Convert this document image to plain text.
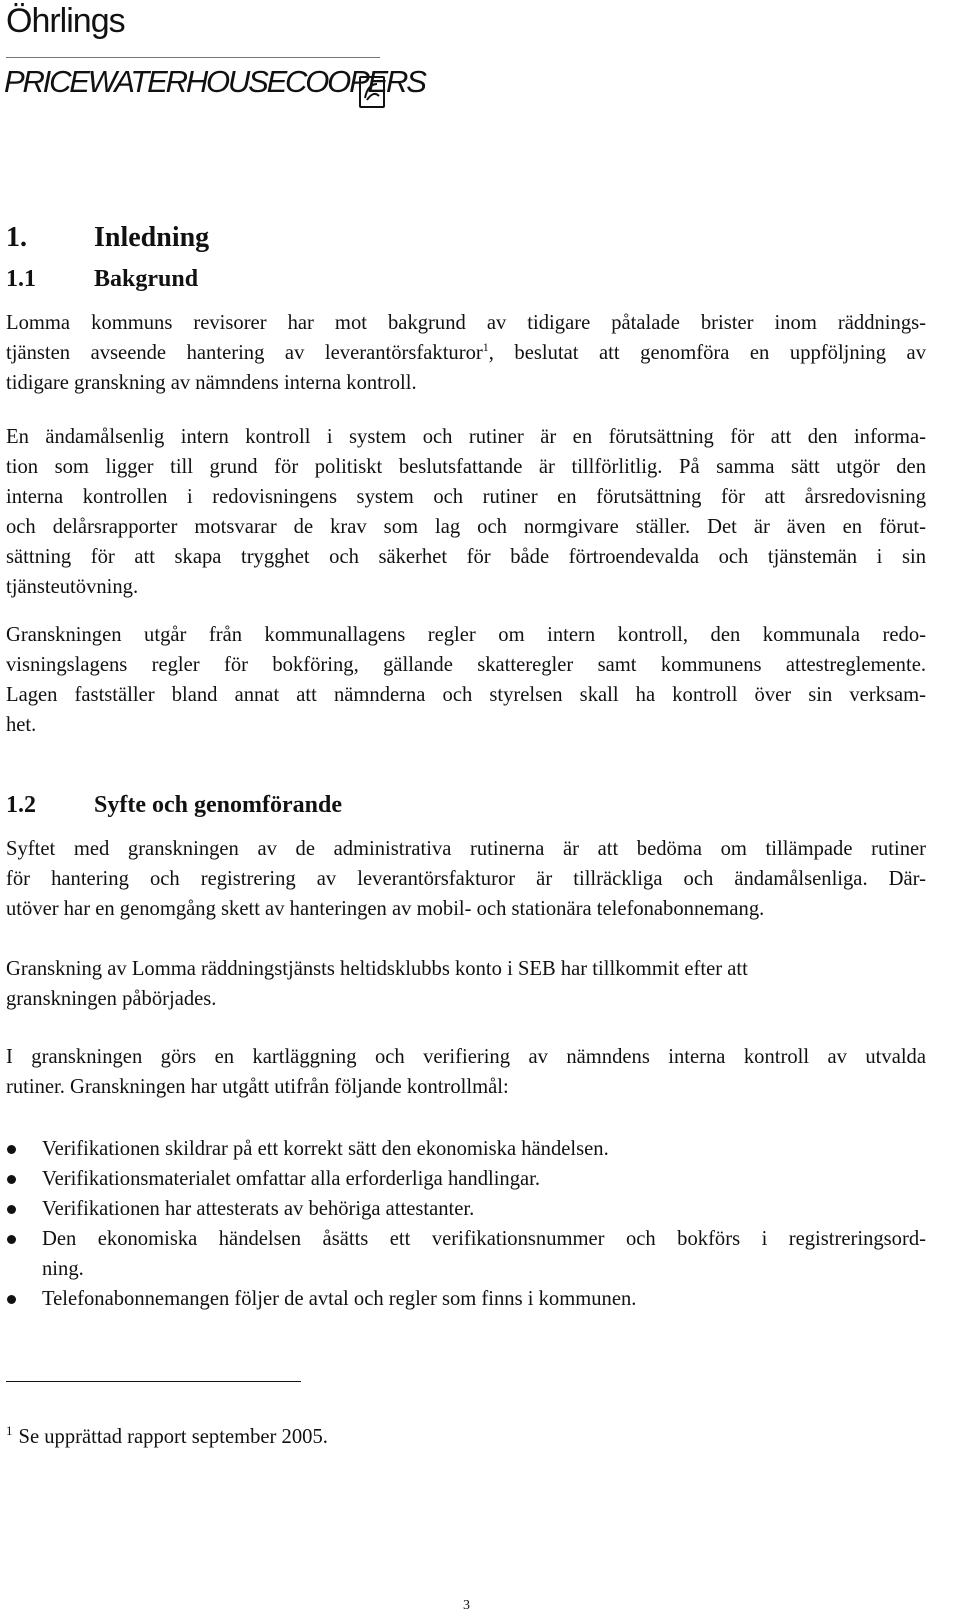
Öhrlings
PRICEWATERHOUSECOOPERS
1. Inledning
1.1 Bakgrund
Lomma kommuns revisorer har mot bakgrund av tidigare påtalade brister inom räddnings-
tjänsten avseende hantering av leverantörsfakturor$^1$, beslutat att genomföra en uppföljning av
tidigare granskning av nämndens interna kontroll.
En ändamålsenlig intern kontroll i system och rutiner är en förutsättning för att den informa-
tion som ligger till grund för politiskt beslutsfattande är tillförlitlig. På samma sätt utgör den
interna kontrollen i redovisningens system och rutiner en förutsättning för att årsredovisning
och delårsrapporter motsvarar de krav som lag och normgivare ställer. Det är även en förut-
sättning för att skapa trygghet och säkerhet för både förtroendevalda och tjänstemän i sin
tjänsteutövning.
Granskningen utgår från kommunallagens regler om intern kontroll, den kommunala redo-
visningslagens regler för bokföring, gällande skatteregler samt kommunens attestreglemente.
Lagen fastställer bland annat att nämnderna och styrelsen skall ha kontroll över sin verksam-
het.
1.2 Syfte och genomförande
Syftet med granskningen av de administrativa rutinerna är att bedöma om tillämpade rutiner
för hantering och registrering av leverantörsfakturor är tillräckliga och ändamålsenliga. Där-
utöver har en genomgång skett av hanteringen av mobil- och stationära telefonabonnemang.
Granskning av Lomma räddningstjänsts heltidsklubbs konto i SEB har tillkommit efter att
granskningen påbörjades.
I granskningen görs en kartläggning och verifiering av nämndens interna kontroll av utvalda
rutiner. Granskningen har utgått utifrån följande kontrollmål:
Verifikationen skildrar på ett korrekt sätt den ekonomiska händelsen.
Verifikationsmaterialet omfattar alla erforderliga handlingar.
Verifikationen har attesterats av behöriga attestanter.
Den ekonomiska händelsen åsätts ett verifikationsnummer och bokförs i registreringsord-
ning.
Telefonabonnemangen följer de avtal och regler som finns i kommunen.
$^1$ Se upprättad rapport september 2005.
3
